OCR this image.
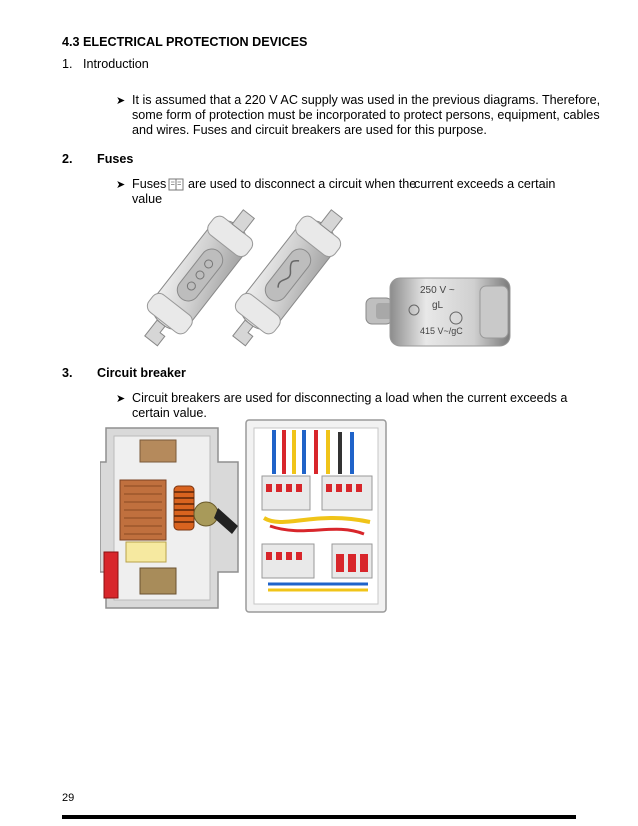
4.3 ELECTRICAL PROTECTION DEVICES
1. Introduction
➤ It is assumed that a 220 V AC supply was used in the previous diagrams. Therefore,
some form of protection must be incorporated to protect persons, equipment, cables
and wires. Fuses and circuit breakers are used for this purpose.
2. Fuses
➤ Fuses are used to disconnect a circuit when the
current exceeds a certain
value
250 V ~
gL
415 V~/gC
3. Circuit breaker
➤ Circuit breakers are used for disconnecting a load when the current exceeds a
certain value.
29
